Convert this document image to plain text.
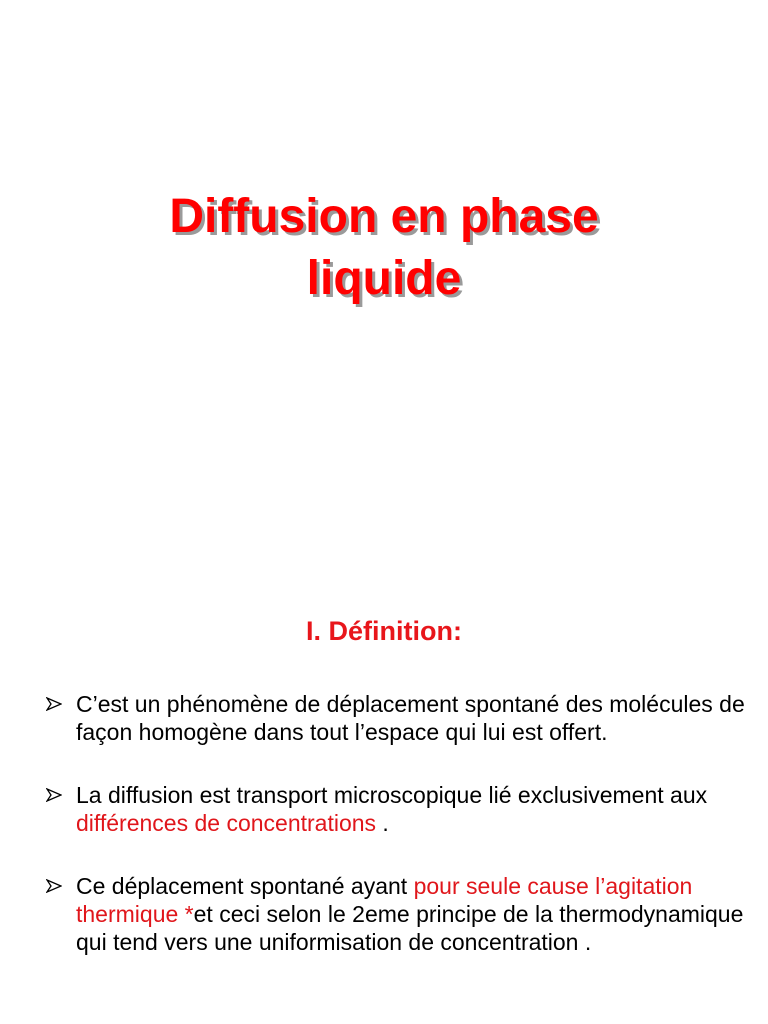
Diffusion en phase
liquide
I. Définition:
C’est un phénomène de déplacement spontané des molécules de façon homogène dans tout l’espace qui lui est offert.
La diffusion est transport microscopique lié exclusivement aux différences de concentrations .
Ce déplacement spontané ayant pour seule cause l’agitation thermique *et ceci selon le 2eme principe de la thermodynamique qui tend vers une uniformisation de concentration .
